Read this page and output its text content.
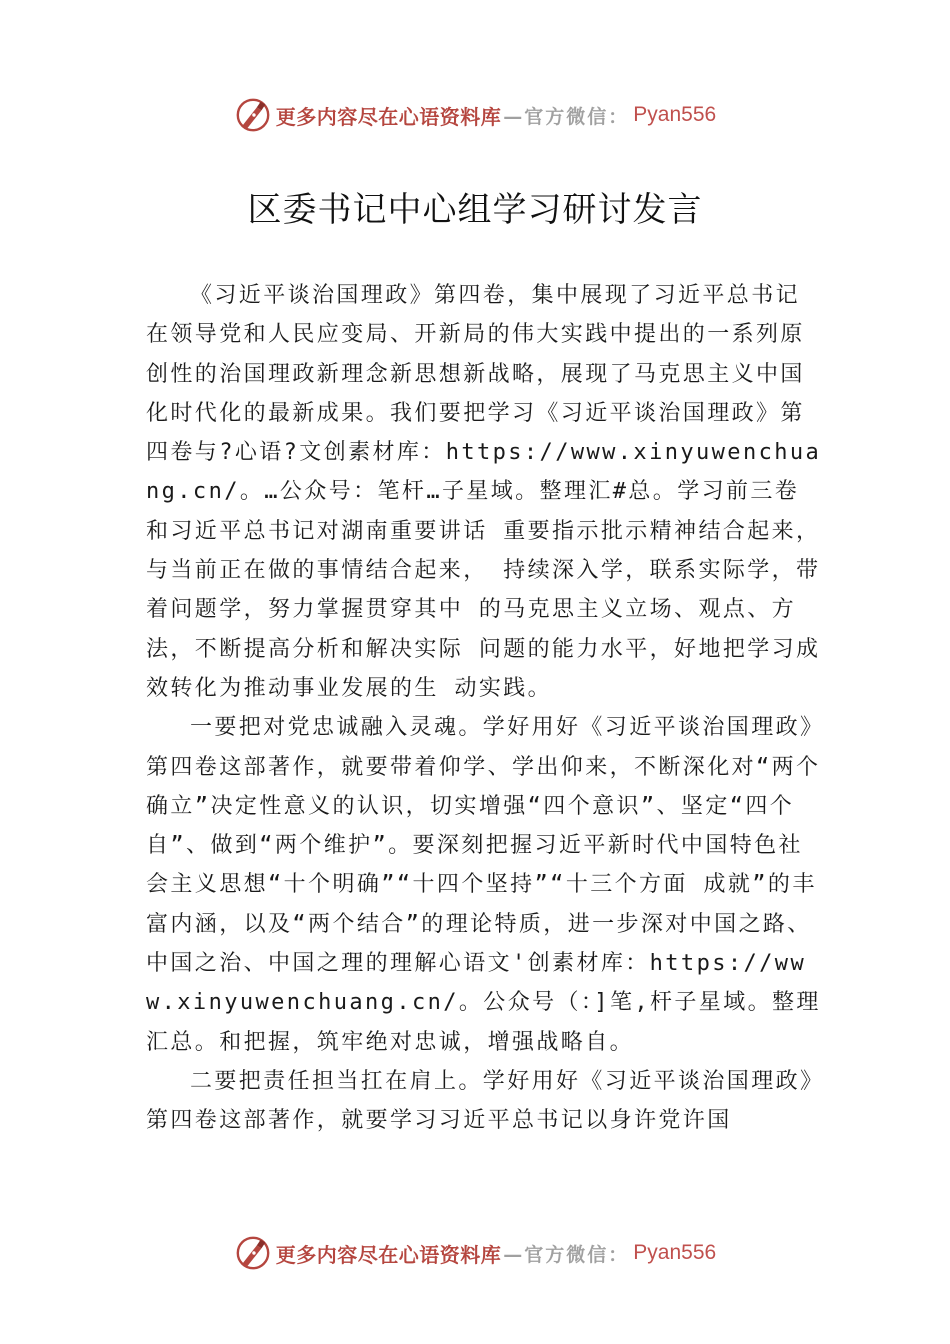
更多内容尽在心语资料库 —官方微信： Pyan556
区委书记中心组学习研讨发言

《习近平谈治国理政》第四卷，集中展现了习近平总书记在领导党和人民应变局、开新局的伟大实践中提出的一系列原创性的治国理政新理念新思想新战略，展现了马克思主义中国化时代化的最新成果。我们要把学习《习近平谈治国理政》第四卷与?心语?文创素材库：https://www.xinyuwenchuang.cn/。…公众号：笔杆…子星域。整理汇#总。学习前三卷和习近平总书记对湖南重要讲话 重要指示批示精神结合起来，与当前正在做的事情结合起来， 持续深入学，联系实际学，带着问题学，努力掌握贯穿其中 的马克思主义立场、观点、方法，不断提高分析和解决实际 问题的能力水平，好地把学习成效转化为推动事业发展的生 动实践。

一要把对党忠诚融入灵魂。学好用好《习近平谈治国理政》第四卷这部著作，就要带着仰学、学出仰来，不断深化对“两个确立”决定性意义的认识，切实增强“四个意识”、坚定“四个自”、做到“两个维护”。要深刻把握习近平新时代中国特色社会主义思想“十个明确”“十四个坚持”“十三个方面 成就”的丰富内涵，以及“两个结合”的理论特质，进一步深对中国之路、中国之治、中国之理的理解心语文'创素材库：https://www.xinyuwenchuang.cn/。公众号（：]笔,杆子星域。整理汇总。和把握，筑牢绝对忠诚，增强战略自。

二要把责任担当扛在肩上。学好用好《习近平谈治国理政》第四卷这部著作，就要学习习近平总书记以身许党许国

更多内容尽在心语资料库 —官方微信： Pyan556
